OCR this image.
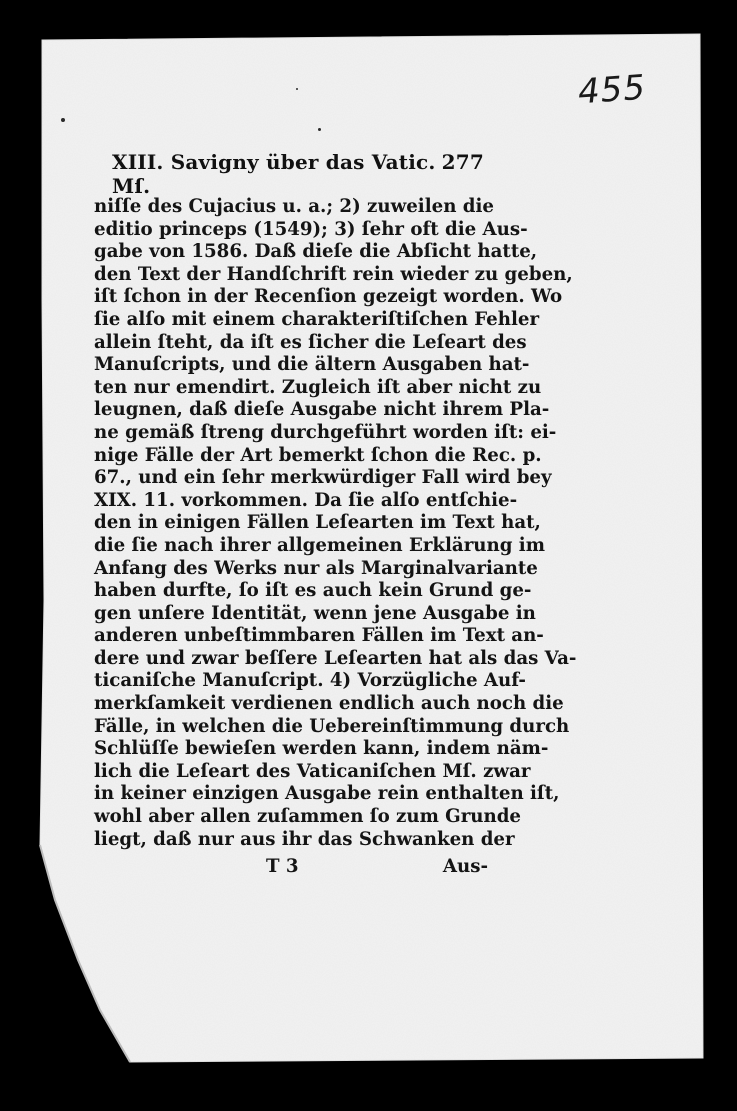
455
XIII. Savigny über das Vatic. Mſ.
277
niſſe des Cujacius u. a.; 2) zuweilen die
editio princeps (1549); 3) ſehr oft die Aus-
gabe von 1586. Daß dieſe die Abſicht hatte,
den Text der Handſchrift rein wieder zu geben,
iſt ſchon in der Recenſion gezeigt worden. Wo
ſie alſo mit einem charakteriſtiſchen Fehler
allein ſteht, da iſt es ſicher die Leſeart des
Manuſcripts, und die ältern Ausgaben hat-
ten nur emendirt. Zugleich iſt aber nicht zu
leugnen, daß dieſe Ausgabe nicht ihrem Pla-
ne gemäß ſtreng durchgeführt worden iſt: ei-
nige Fälle der Art bemerkt ſchon die Rec. p.
67., und ein ſehr merkwürdiger Fall wird bey
XIX. 11. vorkommen. Da ſie alſo entſchie-
den in einigen Fällen Leſearten im Text hat,
die ſie nach ihrer allgemeinen Erklärung im
Anfang des Werks nur als Marginalvariante
haben durfte, ſo iſt es auch kein Grund ge-
gen unſere Identität, wenn jene Ausgabe in
anderen unbeſtimmbaren Fällen im Text an-
dere und zwar beſſere Leſearten hat als das Va-
ticaniſche Manuſcript. 4) Vorzügliche Auf-
merkſamkeit verdienen endlich auch noch die
Fälle, in welchen die Uebereinſtimmung durch
Schlüſſe bewieſen werden kann, indem näm-
lich die Leſeart des Vaticaniſchen Mſ. zwar
in keiner einzigen Ausgabe rein enthalten iſt,
wohl aber allen zuſammen ſo zum Grunde
liegt, daß nur aus ihr das Schwanken der
T 3	Aus-
